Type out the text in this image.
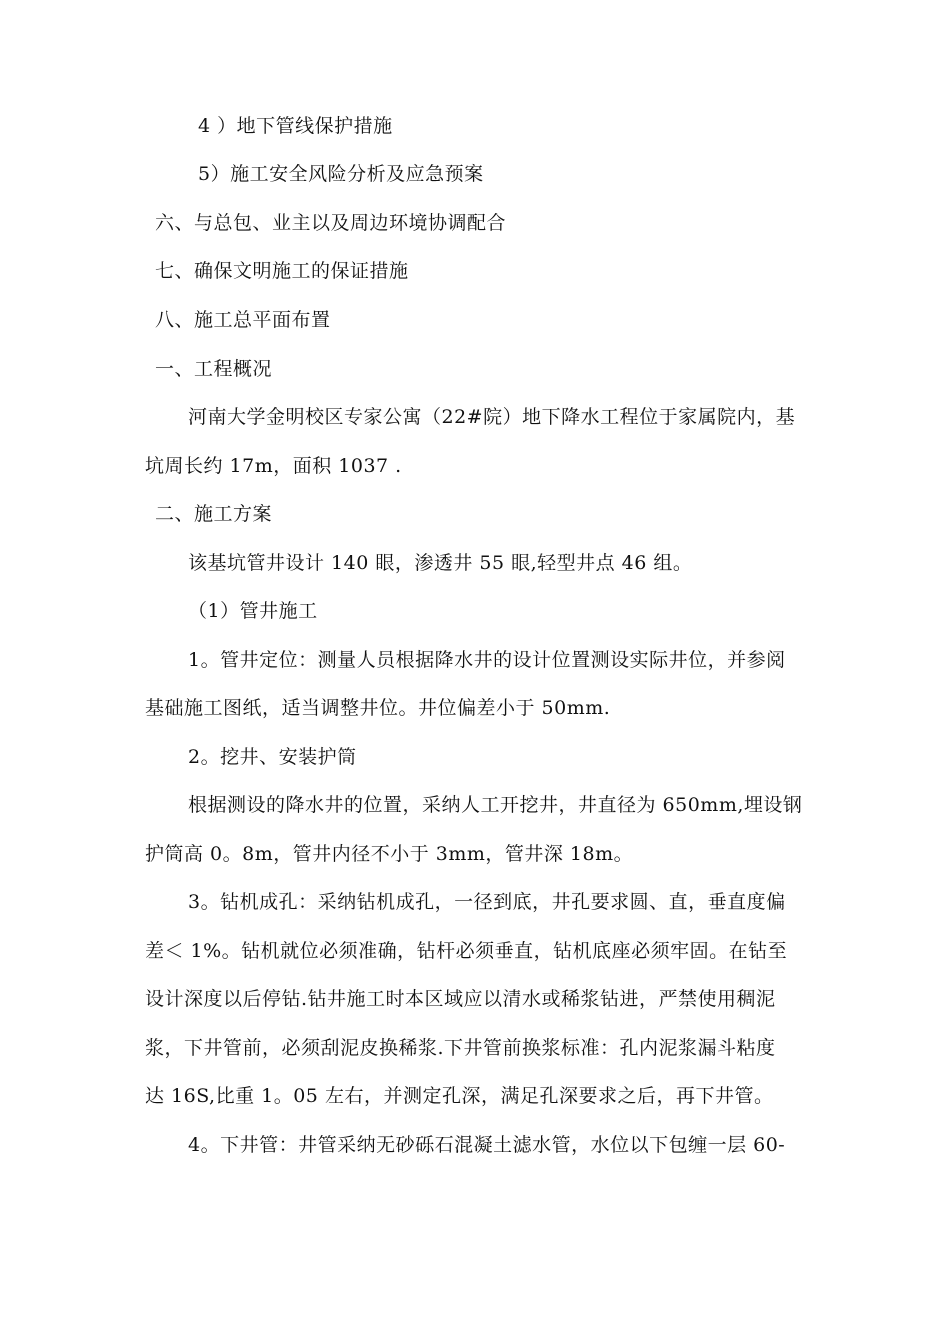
4 ）地下管线保护措施
5）施工安全风险分析及应急预案
六、与总包、业主以及周边环境协调配合
七、确保文明施工的保证措施
八、施工总平面布置
一、工程概况
河南大学金明校区专家公寓（22#院）地下降水工程位于家属院内，基
坑周长约 17m，面积 1037 .
二、施工方案
该基坑管井设计 140 眼，渗透井 55 眼,轻型井点 46 组。
（1）管井施工
1。管井定位：测量人员根据降水井的设计位置测设实际井位，并参阅
基础施工图纸，适当调整井位。井位偏差小于 50mm.
2。挖井、安装护筒
根据测设的降水井的位置，采纳人工开挖井，井直径为 650mm,埋设钢
护筒高 0。8m，管井内径不小于 3mm，管井深 18m。
3。钻机成孔：采纳钻机成孔，一径到底，井孔要求圆、直，垂直度偏
差＜ 1%。钻机就位必须准确，钻杆必须垂直，钻机底座必须牢固。在钻至
设计深度以后停钻.钻井施工时本区域应以清水或稀浆钻进，严禁使用稠泥
浆，下井管前，必须刮泥皮换稀浆.下井管前换浆标准：孔内泥浆漏斗粘度
达 16S,比重 1。05 左右，并测定孔深，满足孔深要求之后，再下井管。
4。下井管：井管采纳无砂砾石混凝土滤水管，水位以下包缠一层 60-
